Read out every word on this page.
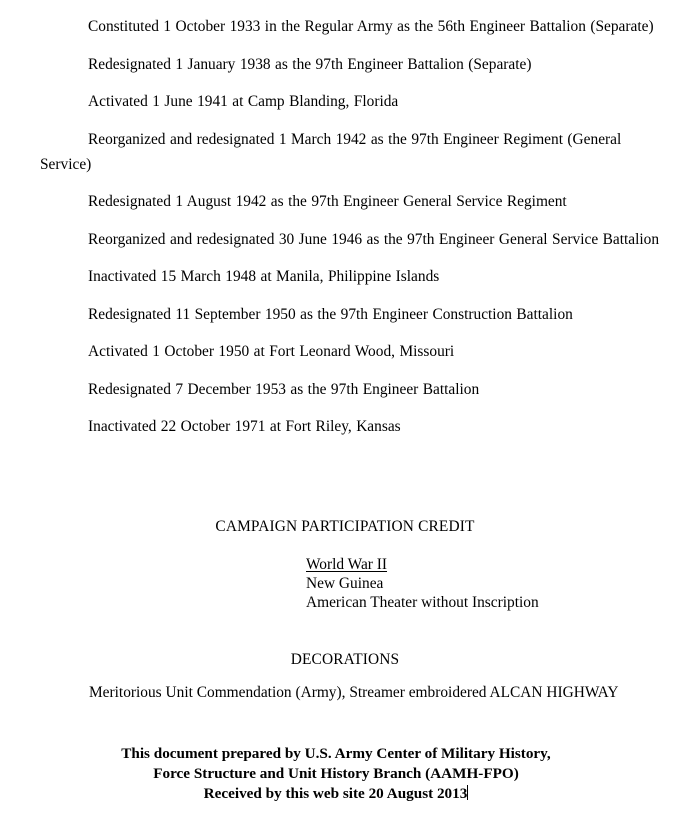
Constituted 1 October 1933 in the Regular Army as the 56th Engineer Battalion (Separate)

Redesignated 1 January 1938 as the 97th Engineer Battalion (Separate)

Activated 1 June 1941 at Camp Blanding, Florida

Reorganized and redesignated 1 March 1942 as the 97th Engineer Regiment (General Service)

Redesignated 1 August 1942 as the 97th Engineer General Service Regiment

Reorganized and redesignated 30 June 1946 as the 97th Engineer General Service Battalion

Inactivated 15 March 1948 at Manila, Philippine Islands

Redesignated 11 September 1950 as the 97th Engineer Construction Battalion

Activated 1 October 1950 at Fort Leonard Wood, Missouri

Redesignated 7 December 1953 as the 97th Engineer Battalion

Inactivated 22 October 1971 at Fort Riley, Kansas

CAMPAIGN PARTICIPATION CREDIT
World War II
New Guinea
American Theater without Inscription
DECORATIONS
Meritorious Unit Commendation (Army), Streamer embroidered ALCAN HIGHWAY
This document prepared by U.S. Army Center of Military History,
Force Structure and Unit History Branch (AAMH-FPO)
Received by this web site 20 August 2013
